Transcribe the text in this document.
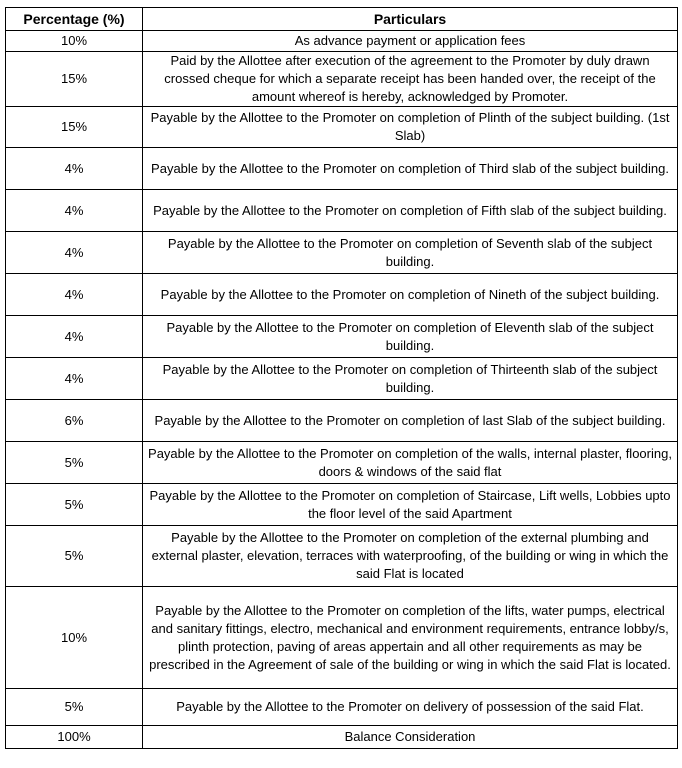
Percentage (%)	Particulars
10%	As advance payment or application fees
15%	Paid by the Allottee after execution of the agreement to the Promoter by duly drawn crossed cheque for which a separate receipt has been handed over, the receipt of the amount whereof is hereby, acknowledged by Promoter.
15%	Payable by the Allottee to the Promoter on completion of Plinth of the subject building. (1st Slab)
4%	Payable by the Allottee to the Promoter on completion of Third slab of the subject building.
4%	Payable by the Allottee to the Promoter on completion of Fifth slab of the subject building.
4%	Payable by the Allottee to the Promoter on completion of Seventh slab of the subject building.
4%	Payable by the Allottee to the Promoter on completion of Nineth of the subject building.
4%	Payable by the Allottee to the Promoter on completion of Eleventh slab of the subject building.
4%	Payable by the Allottee to the Promoter on completion of Thirteenth slab of the subject building.
6%	Payable by the Allottee to the Promoter on completion of last Slab of the subject building.
5%	Payable by the Allottee to the Promoter on completion of the walls, internal plaster, flooring, doors & windows of the said flat
5%	Payable by the Allottee to the Promoter on completion of Staircase, Lift wells, Lobbies upto the floor level of the said Apartment
5%	Payable by the Allottee to the Promoter on completion of the external plumbing and external plaster, elevation, terraces with waterproofing, of the building or wing in which the said Flat is located
10%	Payable by the Allottee to the Promoter on completion of the lifts, water pumps, electrical and sanitary fittings, electro, mechanical and environment requirements, entrance lobby/s, plinth protection, paving of areas appertain and all other requirements as may be prescribed in the Agreement of sale of the building or wing in which the said Flat is located.
5%	Payable by the Allottee to the Promoter on delivery of possession of the said Flat.
100%	Balance Consideration
